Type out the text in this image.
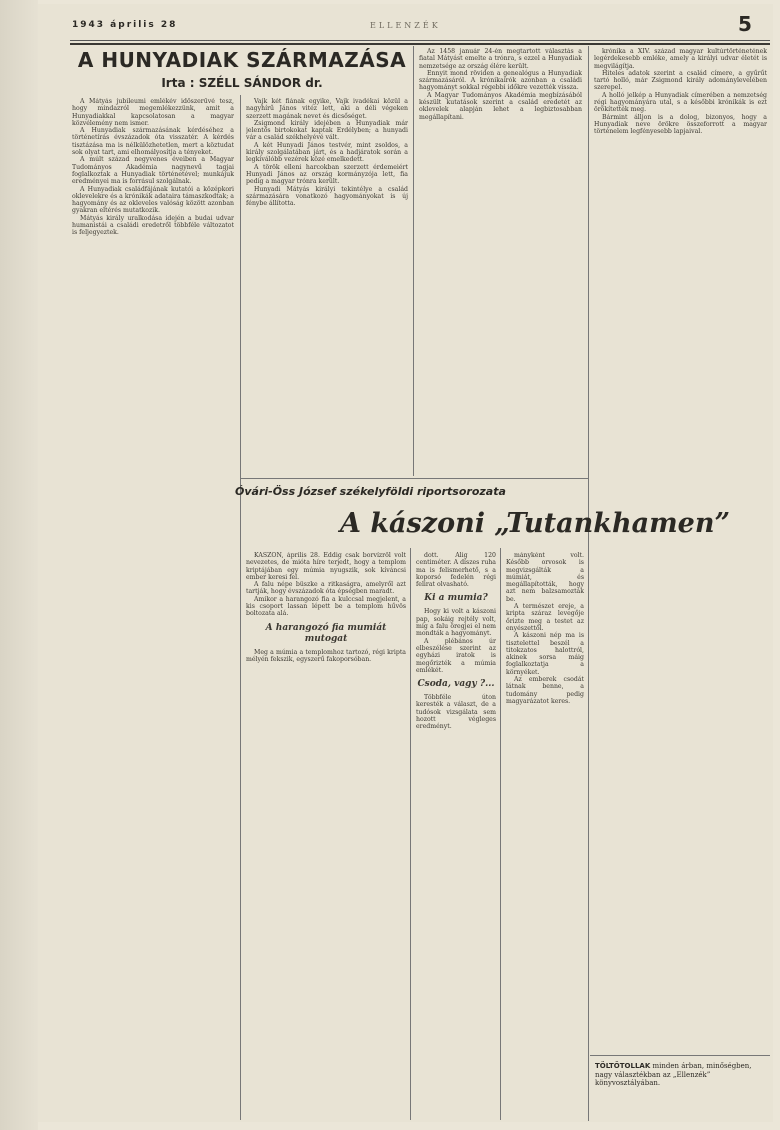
1943 április 28	ELLENZÉK	5
A HUNYADIAK SZÁRMAZÁSA
Irta : SZÉLL SÁNDOR dr.

A Mátyás jubileumi emlékév időszerűvé tesz, hogy mindazról megemlékezzünk, amit a Hunyadiakkal kapcsolatosan a magyar közvélemény nem ismer.

A Hunyadiak származásának kérdéséhez a történetírás évszázadok óta visszatér. A kérdés tisztázása ma is nélkülözhetetlen, mert a köztudat sok olyat tart, ami elhomályosítja a tényeket.

A múlt század negyvenes éveiben a Magyar Tudományos Akadémia nagynevű tagjai foglalkoztak a Hunyadiak történetével; munkájuk eredményei ma is forrásul szolgálnak.

A Hunyadiak családfájának kutatói a középkori oklevelekre és a krónikák adataira támaszkodtak; a hagyomány és az okleveles valóság között azonban gyakran eltérés mutatkozik.

Mátyás király uralkodása idején a budai udvar humanistái a családi eredetről többféle változatot is feljegyeztek.

Vajk két fiának egyike, Vajk ivadékai közül a nagyhírű János vitéz lett, aki a déli végeken szerzett magának nevet és dicsőséget.

Zsigmond király idejében a Hunyadiak már jelentős birtokokat kaptak Erdélyben; a hunyadi vár a család székhelyévé vált.

A két Hunyadi János testvér, mint zsoldos, a király szolgálatában járt, és a hadjáratok során a legkiválóbb vezérek közé emelkedett.

A török elleni harcokban szerzett érdemeiért Hunyadi János az ország kormányzója lett, fia pedig a magyar trónra került.

Hunyadi Mátyás királyi tekintélye a család származására vonatkozó hagyományokat is új fénybe állította.

Az 1458 január 24-én megtartott választás a fiatal Mátyást emelte a trónra, s ezzel a Hunyadiak nemzetsége az ország élére került.

Ennyit mond röviden a genealógus a Hunyadiak származásáról. A krónikaírók azonban a családi hagyományt sokkal régebbi időkre vezették vissza.

A Magyar Tudományos Akadémia megbízásából készült kutatások szerint a család eredetét az oklevelek alapján lehet a legbiztosabban megállapítani.

krónika a XIV. század magyar kultúrtörténetének legérdekesebb emléke, amely a királyi udvar életét is megvilágítja.

Hiteles adatok szerint a család címere, a gyűrűt tartó holló, már Zsigmond király adománylevelében szerepel.

A holló jelkép a Hunyadiak címerében a nemzetség régi hagyományára utal, s a későbbi krónikák is ezt örökítették meg.

Bármint álljon is a dolog, bizonyos, hogy a Hunyadiak neve örökre összeforrott a magyar történelem legfényesebb lapjaival.

Óvári-Öss József székelyföldi riportsorozata
A kászoni „Tutankhamen”

KÁSZON, április 28. Eddig csak borvízről volt nevezetes, de mióta híre terjedt, hogy a templom kriptájában egy múmia nyugszik, sok kíváncsi ember keresi fel.

A falu népe büszke a ritkaságra, amelyről azt tartják, hogy évszázadok óta épségben maradt.

Amikor a harangozó fia a kulccsal megjelent, a kis csoport lassan lépett be a templom hűvös boltozata alá.

A harangozó fia mumiát mutogat

Meg a múmia a templomhoz tartozó, régi kripta mélyén fekszik, egyszerű fakoporsóban.

dott. Alig 120 centiméter. A díszes ruha ma is felismerhető, s a koporsó fedelén régi felirat olvasható.

Ki a mumia?

Hogy ki volt a kászoni pap, sokáig rejtély volt, míg a falu öregjei el nem mondták a hagyományt.

A plébános úr elbeszélése szerint az egyházi iratok is megőrizték a múmia emlékét.

Csoda, vagy ?...

Többféle úton keresték a választ, de a tudósok vizsgálata sem hozott végleges eredményt.

mányként volt. Később orvosok is megvizsgálták a múmiát, és megállapították, hogy azt nem balzsamozták be.

A természet ereje, a kripta száraz levegője őrizte meg a testet az enyészettől.

A kászoni nép ma is tisztelettel beszél a titokzatos halottról, akinek sorsa máig foglalkoztatja a környéket.

Az emberek csodát látnak benne, a tudomány pedig magyarázatot keres.

TÖLTŐTOLLAK minden árban, minőségben, nagy választékban az „Ellenzék” könyvosztályában.
